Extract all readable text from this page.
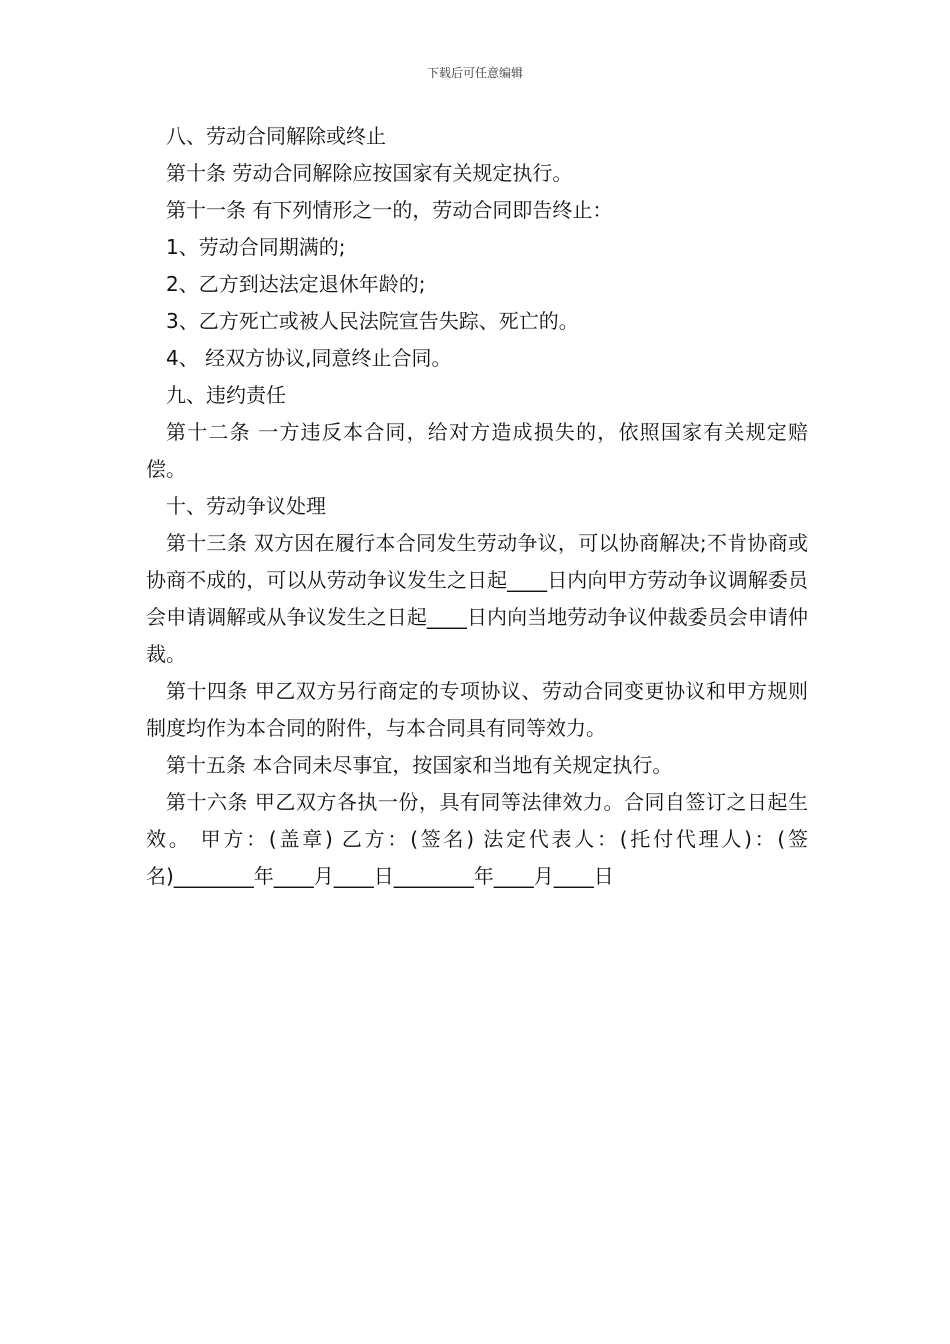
下载后可任意编辑

八、劳动合同解除或终止

第十条 劳动合同解除应按国家有关规定执行。

第十一条 有下列情形之一的，劳动合同即告终止：

1、劳动合同期满的;

2、乙方到达法定退休年龄的;

3、乙方死亡或被人民法院宣告失踪、死亡的。

4、 经双方协议,同意终止合同。

九、违约责任

第十二条 一方违反本合同，给对方造成损失的，依照国家有关规定赔偿。

十、劳动争议处理

第十三条 双方因在履行本合同发生劳动争议，可以协商解决;不肯协商或协商不成的，可以从劳动争议发生之日起____日内向甲方劳动争议调解委员会申请调解或从争议发生之日起____日内向当地劳动争议仲裁委员会申请仲裁。

第十四条 甲乙双方另行商定的专项协议、劳动合同变更协议和甲方规则制度均作为本合同的附件，与本合同具有同等效力。

第十五条 本合同未尽事宜，按国家和当地有关规定执行。

第十六条 甲乙双方各执一份，具有同等法律效力。合同自签订之日起生效。 甲方：(盖章) 乙方：(签名) 法定代表人：(托付代理人)：(签名)________年____月____日________年____月____日
